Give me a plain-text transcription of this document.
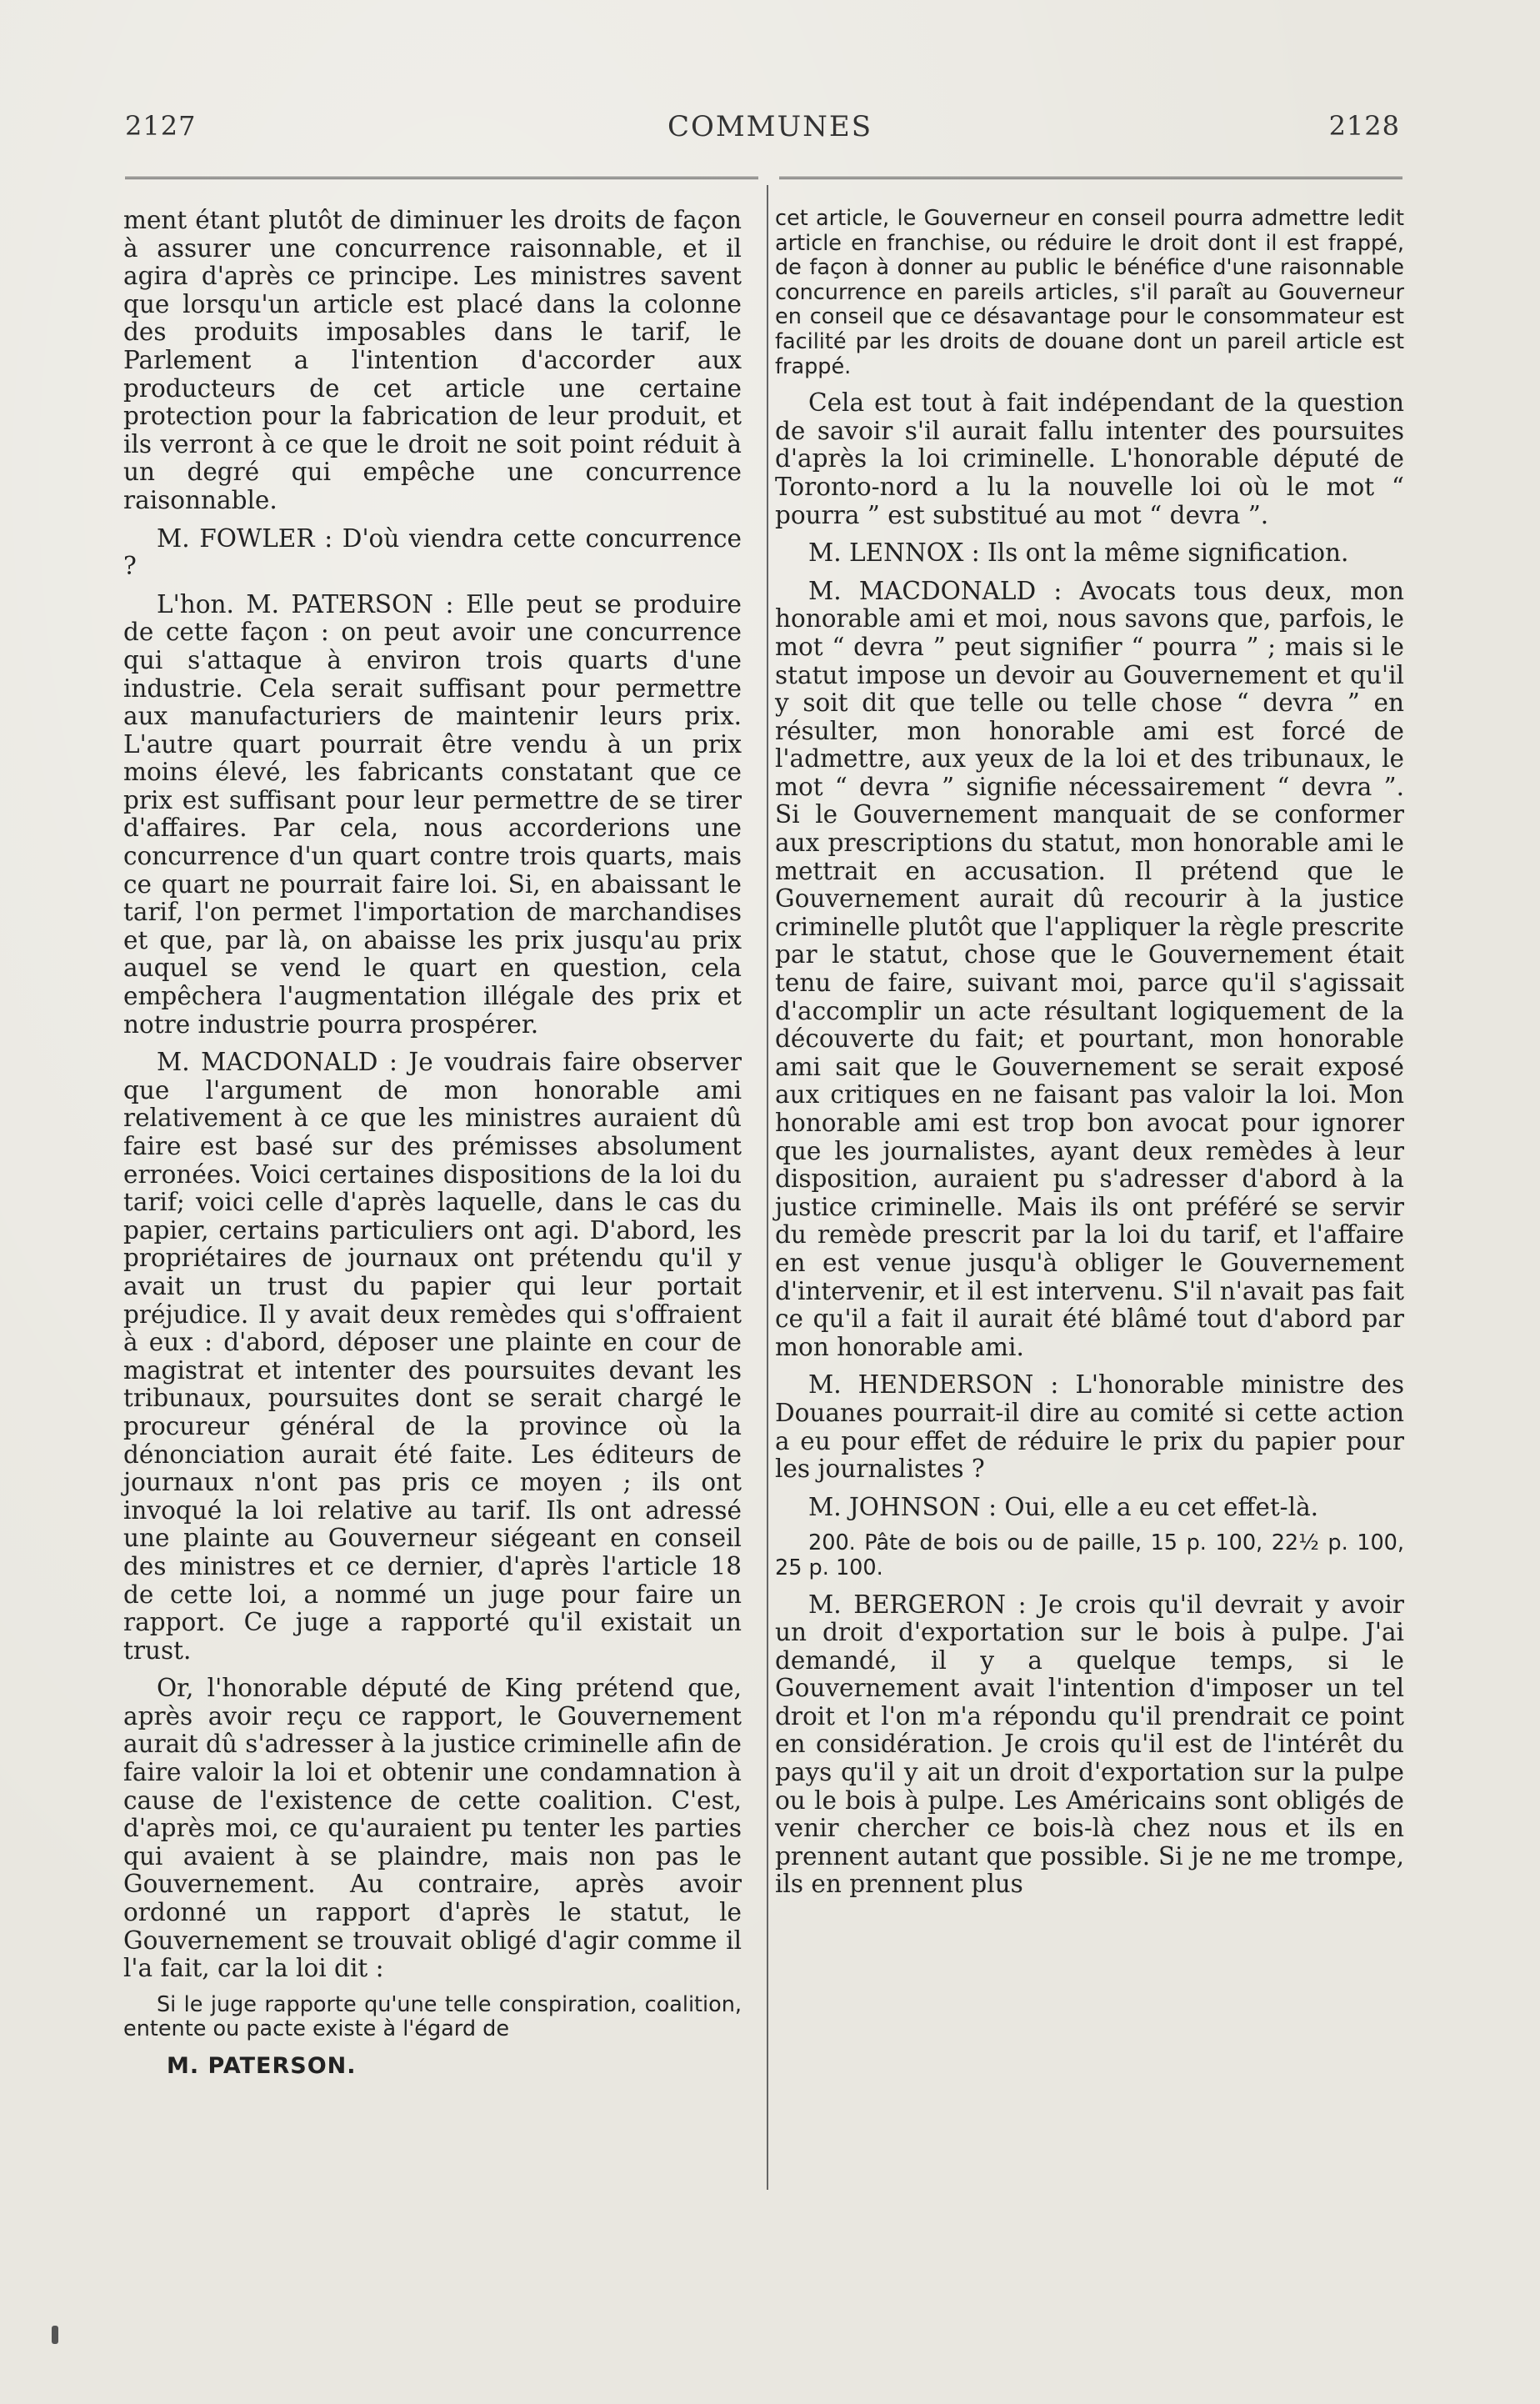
2127	COMMUNES	2128

ment étant plutôt de diminuer les droits de façon à assurer une concurrence raisonnable, et il agira d'après ce principe. Les ministres savent que lorsqu'un article est placé dans la colonne des produits imposables dans le tarif, le Parlement a l'intention d'accorder aux producteurs de cet article une certaine protection pour la fabrication de leur produit, et ils verront à ce que le droit ne soit point réduit à un degré qui empêche une concurrence raisonnable.

M. FOWLER : D'où viendra cette concurrence ?

L'hon. M. PATERSON : Elle peut se produire de cette façon : on peut avoir une concurrence qui s'attaque à environ trois quarts d'une industrie. Cela serait suffisant pour permettre aux manufacturiers de maintenir leurs prix. L'autre quart pourrait être vendu à un prix moins élevé, les fabricants constatant que ce prix est suffisant pour leur permettre de se tirer d'affaires. Par cela, nous accorderions une concurrence d'un quart contre trois quarts, mais ce quart ne pourrait faire loi. Si, en abaissant le tarif, l'on permet l'importation de marchandises et que, par là, on abaisse les prix jusqu'au prix auquel se vend le quart en question, cela empêchera l'augmentation illégale des prix et notre industrie pourra prospérer.

M. MACDONALD : Je voudrais faire observer que l'argument de mon honorable ami relativement à ce que les ministres auraient dû faire est basé sur des prémisses absolument erronées. Voici certaines dispositions de la loi du tarif; voici celle d'après laquelle, dans le cas du papier, certains particuliers ont agi. D'abord, les propriétaires de journaux ont prétendu qu'il y avait un trust du papier qui leur portait préjudice. Il y avait deux remèdes qui s'offraient à eux : d'abord, déposer une plainte en cour de magistrat et intenter des poursuites devant les tribunaux, poursuites dont se serait chargé le procureur général de la province où la dénonciation aurait été faite. Les éditeurs de journaux n'ont pas pris ce moyen ; ils ont invoqué la loi relative au tarif. Ils ont adressé une plainte au Gouverneur siégeant en conseil des ministres et ce dernier, d'après l'article 18 de cette loi, a nommé un juge pour faire un rapport. Ce juge a rapporté qu'il existait un trust.

Or, l'honorable député de King prétend que, après avoir reçu ce rapport, le Gouvernement aurait dû s'adresser à la justice criminelle afin de faire valoir la loi et obtenir une condamnation à cause de l'existence de cette coalition. C'est, d'après moi, ce qu'auraient pu tenter les parties qui avaient à se plaindre, mais non pas le Gouvernement. Au contraire, après avoir ordonné un rapport d'après le statut, le Gouvernement se trouvait obligé d'agir comme il l'a fait, car la loi dit :

Si le juge rapporte qu'une telle conspiration, coalition, entente ou pacte existe à l'égard de

M. PATERSON.

cet article, le Gouverneur en conseil pourra admettre ledit article en franchise, ou réduire le droit dont il est frappé, de façon à donner au public le bénéfice d'une raisonnable concurrence en pareils articles, s'il paraît au Gouverneur en conseil que ce désavantage pour le consommateur est facilité par les droits de douane dont un pareil article est frappé.

Cela est tout à fait indépendant de la question de savoir s'il aurait fallu intenter des poursuites d'après la loi criminelle. L'honorable député de Toronto-nord a lu la nouvelle loi où le mot “ pourra ” est substitué au mot “ devra ”.

M. LENNOX : Ils ont la même signification.

M. MACDONALD : Avocats tous deux, mon honorable ami et moi, nous savons que, parfois, le mot “ devra ” peut signifier “ pourra ” ; mais si le statut impose un devoir au Gouvernement et qu'il y soit dit que telle ou telle chose “ devra ” en résulter, mon honorable ami est forcé de l'admettre, aux yeux de la loi et des tribunaux, le mot “ devra ” signifie nécessairement “ devra ”. Si le Gouvernement manquait de se conformer aux prescriptions du statut, mon honorable ami le mettrait en accusation. Il prétend que le Gouvernement aurait dû recourir à la justice criminelle plutôt que l'appliquer la règle prescrite par le statut, chose que le Gouvernement était tenu de faire, suivant moi, parce qu'il s'agissait d'accomplir un acte résultant logiquement de la découverte du fait; et pourtant, mon honorable ami sait que le Gouvernement se serait exposé aux critiques en ne faisant pas valoir la loi. Mon honorable ami est trop bon avocat pour ignorer que les journalistes, ayant deux remèdes à leur disposition, auraient pu s'adresser d'abord à la justice criminelle. Mais ils ont préféré se servir du remède prescrit par la loi du tarif, et l'affaire en est venue jusqu'à obliger le Gouvernement d'intervenir, et il est intervenu. S'il n'avait pas fait ce qu'il a fait il aurait été blâmé tout d'abord par mon honorable ami.

M. HENDERSON : L'honorable ministre des Douanes pourrait-il dire au comité si cette action a eu pour effet de réduire le prix du papier pour les journalistes ?

M. JOHNSON : Oui, elle a eu cet effet-là.

200. Pâte de bois ou de paille, 15 p. 100, 22½ p. 100, 25 p. 100.

M. BERGERON : Je crois qu'il devrait y avoir un droit d'exportation sur le bois à pulpe. J'ai demandé, il y a quelque temps, si le Gouvernement avait l'intention d'imposer un tel droit et l'on m'a répondu qu'il prendrait ce point en considération. Je crois qu'il est de l'intérêt du pays qu'il y ait un droit d'exportation sur la pulpe ou le bois à pulpe. Les Américains sont obligés de venir chercher ce bois-là chez nous et ils en prennent autant que possible. Si je ne me trompe, ils en prennent plus
